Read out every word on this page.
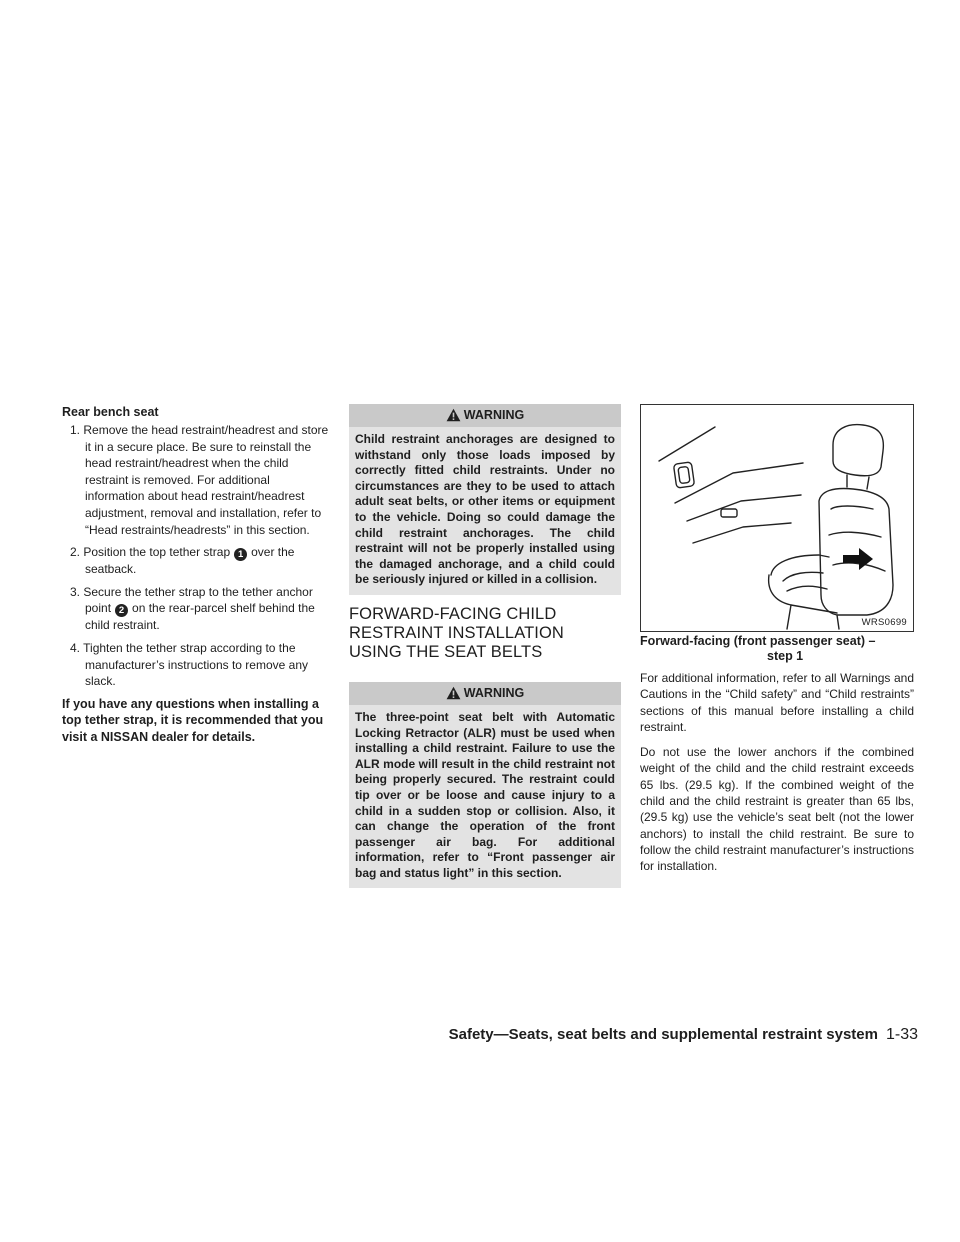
Rear bench seat

1. Remove the head restraint/headrest and store it in a secure place. Be sure to reinstall the head restraint/headrest when the child restraint is removed. For additional information about head restraint/headrest adjustment, removal and installation, refer to “Head restraints/headrests” in this section.

2. Position the top tether strap 1 over the seatback.

3. Secure the tether strap to the tether anchor point 2 on the rear-parcel shelf behind the child restraint.

4. Tighten the tether strap according to the manufacturer’s instructions to remove any slack.

If you have any questions when installing a top tether strap, it is recommended that you visit a NISSAN dealer for details.

WARNING
Child restraint anchorages are designed to withstand only those loads imposed by correctly fitted child restraints. Under no circumstances are they to be used to attach adult seat belts, or other items or equipment to the vehicle. Doing so could damage the child restraint anchorages. The child restraint will not be properly installed using the damaged anchorage, and a child could be seriously injured or killed in a collision.
FORWARD-FACING CHILD RESTRAINT INSTALLATION USING THE SEAT BELTS
WARNING
The three-point seat belt with Automatic Locking Retractor (ALR) must be used when installing a child restraint. Failure to use the ALR mode will result in the child restraint not being properly secured. The restraint could tip over or be loose and cause injury to a child in a sudden stop or collision. Also, it can change the operation of the front passenger air bag. For additional information, refer to “Front passenger air bag and status light” in this section.
WRS0699

Forward-facing (front passenger seat) –
step 1

For additional information, refer to all Warnings and Cautions in the “Child safety” and “Child restraints” sections of this manual before installing a child restraint.

Do not use the lower anchors if the combined weight of the child and the child restraint exceeds 65 lbs. (29.5 kg). If the combined weight of the child and the child restraint is greater than 65 lbs, (29.5 kg) use the vehicle’s seat belt (not the lower anchors) to install the child restraint. Be sure to follow the child restraint manufacturer’s instructions for installation.

Safety—Seats, seat belts and supplemental restraint system 1-33
